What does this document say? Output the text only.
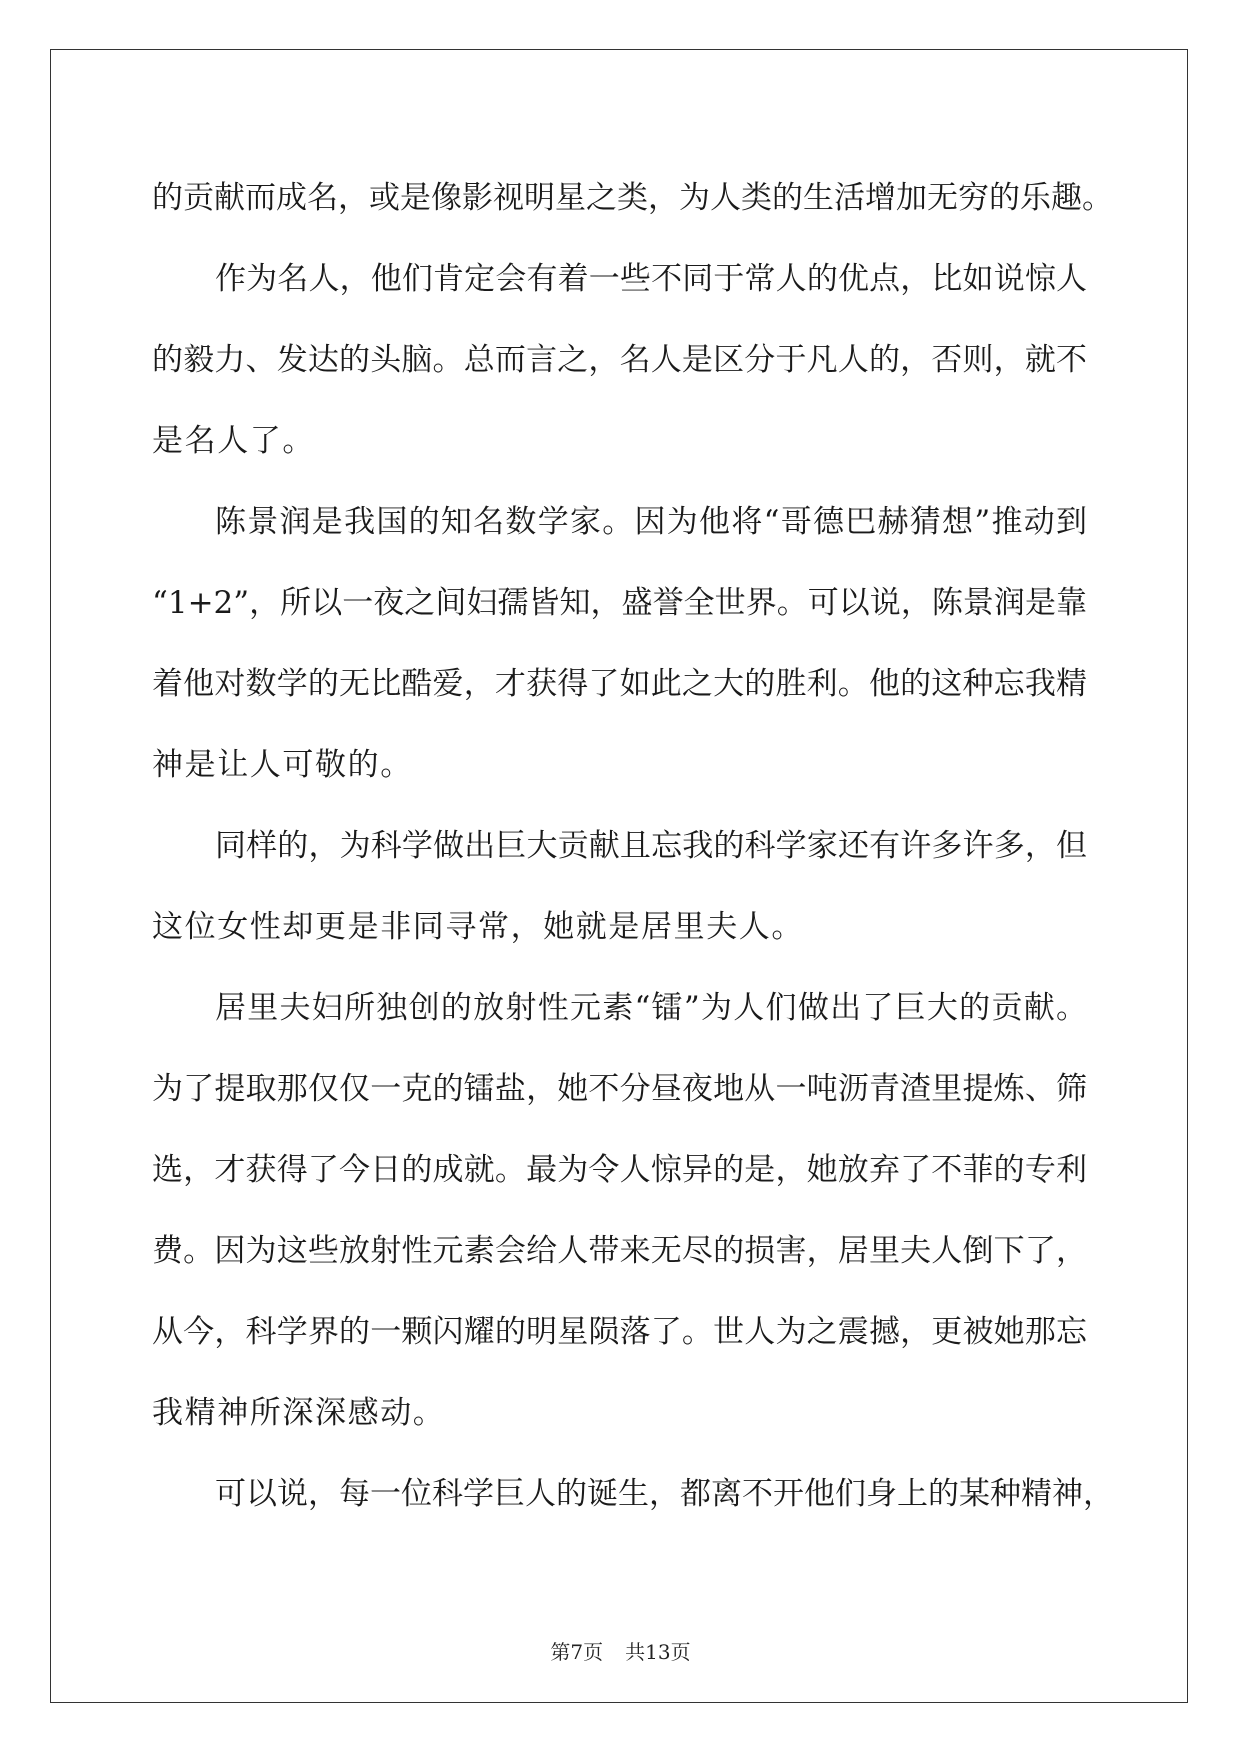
的贡献而成名，或是像影视明星之类，为人类的生活增加无穷的乐趣。
作为名人，他们肯定会有着一些不同于常人的优点，比如说惊人
的毅力、发达的头脑。总而言之，名人是区分于凡人的，否则，就不
是名人了。
陈景润是我国的知名数学家。因为他将“哥德巴赫猜想”推动到
“1+2”，所以一夜之间妇孺皆知，盛誉全世界。可以说，陈景润是靠
着他对数学的无比酷爱，才获得了如此之大的胜利。他的这种忘我精
神是让人可敬的。
同样的，为科学做出巨大贡献且忘我的科学家还有许多许多，但
这位女性却更是非同寻常，她就是居里夫人。
居里夫妇所独创的放射性元素“镭”为人们做出了巨大的贡献。
为了提取那仅仅一克的镭盐，她不分昼夜地从一吨沥青渣里提炼、筛
选，才获得了今日的成就。最为令人惊异的是，她放弃了不菲的专利
费。因为这些放射性元素会给人带来无尽的损害，居里夫人倒下了，
从今，科学界的一颗闪耀的明星陨落了。世人为之震撼，更被她那忘
我精神所深深感动。
可以说，每一位科学巨人的诞生，都离不开他们身上的某种精神，
第7页 共13页
